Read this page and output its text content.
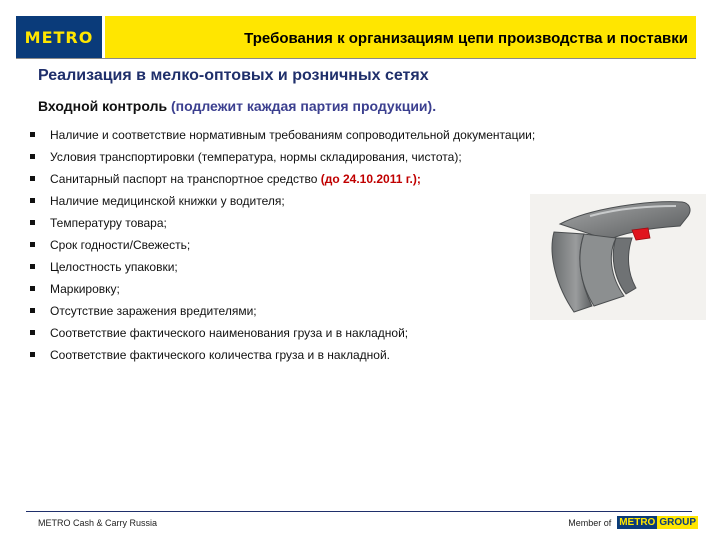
METRO	Требования к организациям цепи производства и поставки
Реализация в мелко-оптовых и розничных сетях
Входной контроль (подлежит каждая партия продукции).
Наличие и соответствие нормативным требованиям сопроводительной документации;
Условия транспортировки (температура, нормы складирования, чистота);
Санитарный паспорт на транспортное средство (до 24.10.2011 г.);
Наличие медицинской книжки у водителя;
Температуру товара;
Срок годности/Свежесть;
Целостность упаковки;
Маркировку;
Отсутствие заражения вредителями;
Соответствие фактического наименования груза и в накладной;
Соответствие фактического количества груза и в накладной.
METRO Cash & Carry Russia	Member of METRO GROUP
